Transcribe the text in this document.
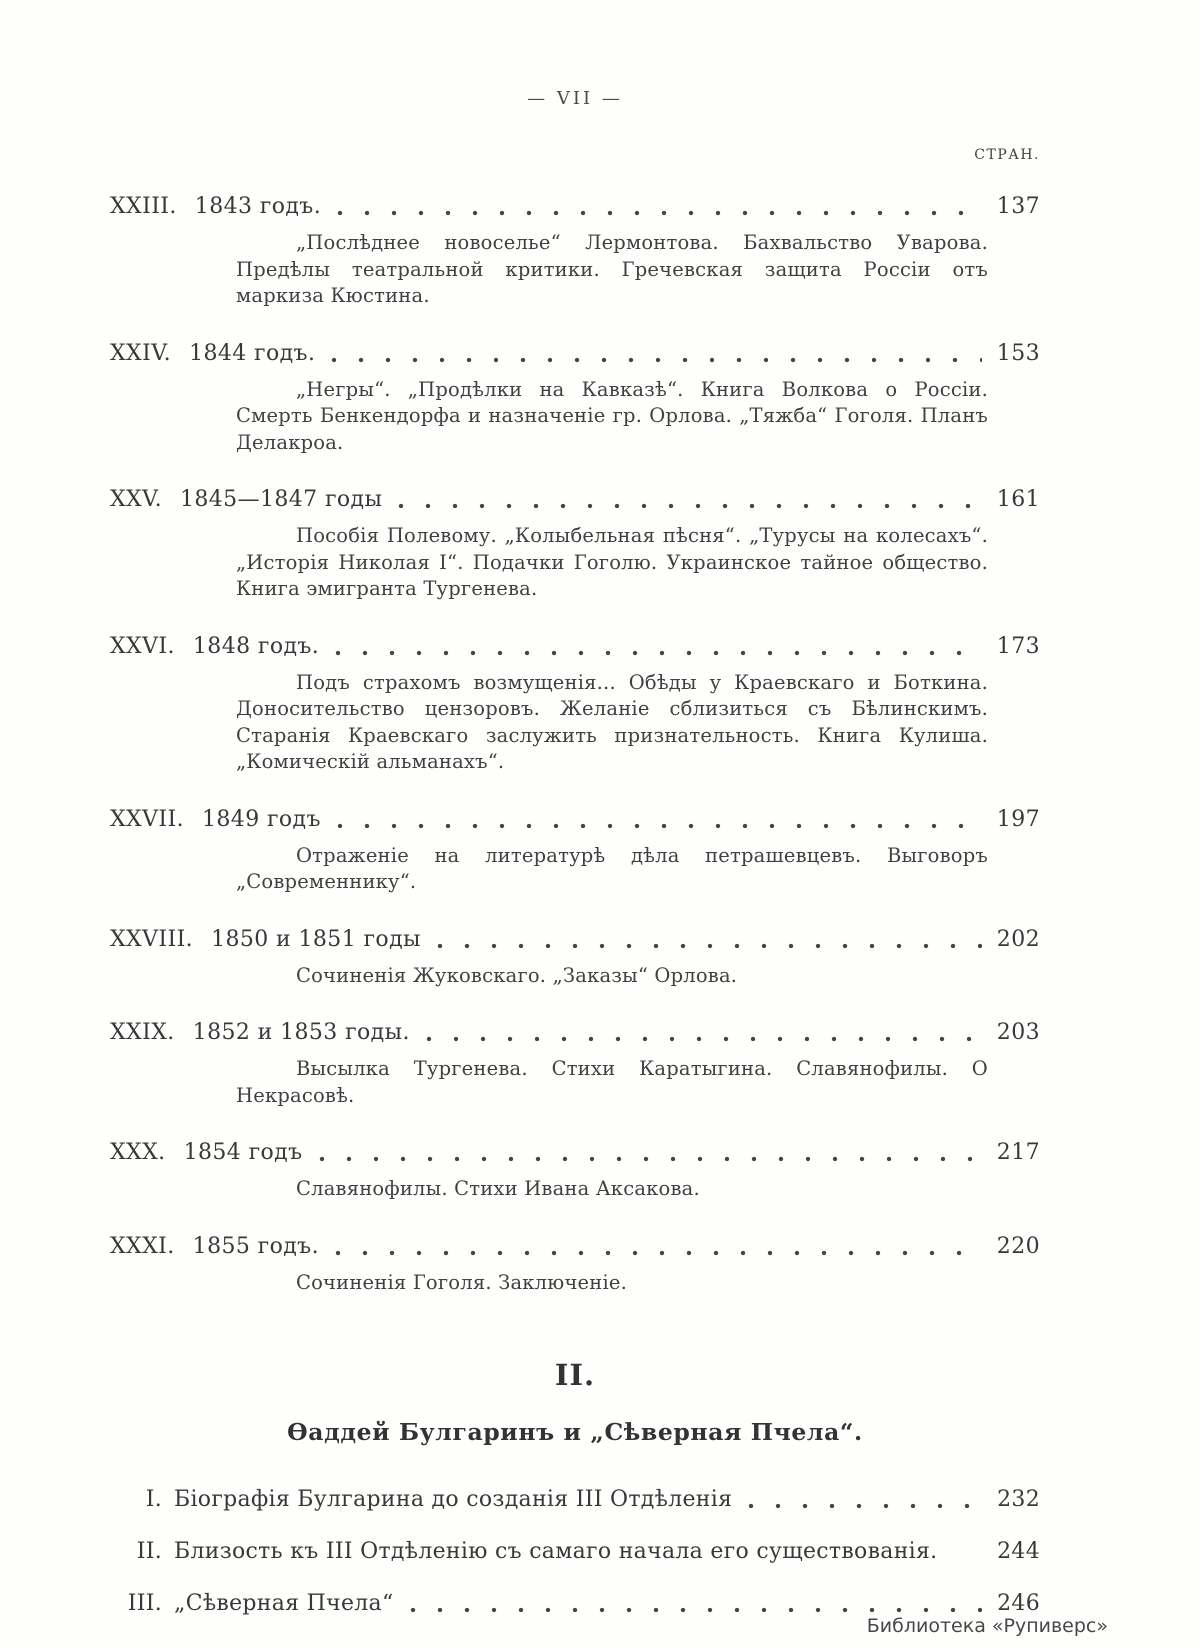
— VII —
СТРАН.
XXIII. 1843 годъ.	137

„Послѣднее новоселье“ Лермонтова. Бахвальство Уварова. Предѣлы театральной критики. Гречевская защита Россіи отъ маркиза Кюстина.

XXIV. 1844 годъ.	153

„Негры“. „Продѣлки на Кавказѣ“. Книга Волкова о Россіи. Смерть Бенкендорфа и назначеніе гр. Орлова. „Тяжба“ Гоголя. Планъ Делакроа.

XXV. 1845—1847 годы	161

Пособія Полевому. „Колыбельная пѣсня“. „Турусы на колесахъ“. „Исторія Николая I“. Подачки Гоголю. Украинское тайное общество. Книга эмигранта Тургенева.

XXVI. 1848 годъ.	173

Подъ страхомъ возмущенія... Обѣды у Краевскаго и Боткина. Доносительство цензоровъ. Желаніе сблизиться съ Бѣлинскимъ. Старанія Краевскаго заслужить признательность. Книга Кулиша. „Комическій альманахъ“.

XXVII. 1849 годъ	197

Отраженіе на литературѣ дѣла петрашевцевъ. Выговоръ „Современнику“.

XXVIII. 1850 и 1851 годы	202

Сочиненія Жуковскаго. „Заказы“ Орлова.

XXIX. 1852 и 1853 годы.	203

Высылка Тургенева. Стихи Каратыгина. Славянофилы. О Некрасовѣ.

XXX. 1854 годъ	217

Славянофилы. Стихи Ивана Аксакова.

XXXI. 1855 годъ.	220

Сочиненія Гоголя. Заключеніе.

II.
Ѳаддей Булгаринъ и „Сѣверная Пчела“.
I. Біографія Булгарина до созданія III Отдѣленія	232
II. Близость къ III Отдѣленію съ самаго начала его существованія.	244
III. „Сѣверная Пчела“	246
Библиотека «Рупиверс»
